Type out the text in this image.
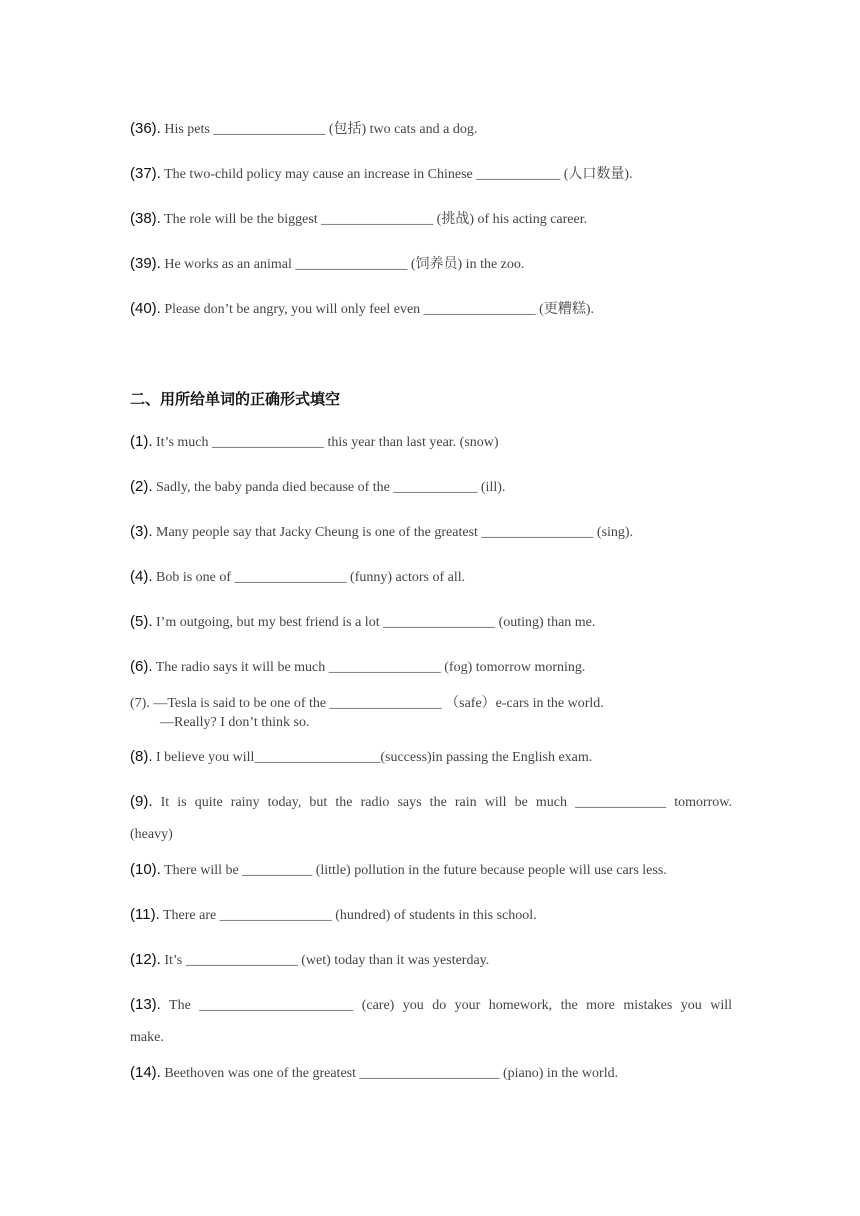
(36). His pets ________________ (包括) two cats and a dog.
(37). The two-child policy may cause an increase in Chinese ____________ (人口数量).
(38). The role will be the biggest ________________ (挑战) of his acting career.
(39). He works as an animal ________________ (饲养员) in the zoo.
(40). Please don’t be angry, you will only feel even ________________ (更糟糕).
二、用所给单词的正确形式填空
(1). It’s much ________________ this year than last year. (snow)
(2). Sadly, the baby panda died because of the ____________ (ill).
(3). Many people say that Jacky Cheung is one of the greatest ________________ (sing).
(4). Bob is one of ________________ (funny) actors of all.
(5). I’m outgoing, but my best friend is a lot ________________ (outing) than me.
(6). The radio says it will be much ________________ (fog) tomorrow morning.
(7). —Tesla is said to be one of the ________________ （safe）e-cars in the world.
—Really? I don’t think so.
(8). I believe you will__________________(success)in passing the English exam.
(9). It is quite rainy today, but the radio says the rain will be much _____________ tomorrow.
(heavy)
(10). There will be __________ (little) pollution in the future because people will use cars less.
(11). There are ________________ (hundred) of students in this school.
(12). It’s ________________ (wet) today than it was yesterday.
(13). The ______________________ (care) you do your homework, the more mistakes you will
make.
(14). Beethoven was one of the greatest ____________________ (piano) in the world.
